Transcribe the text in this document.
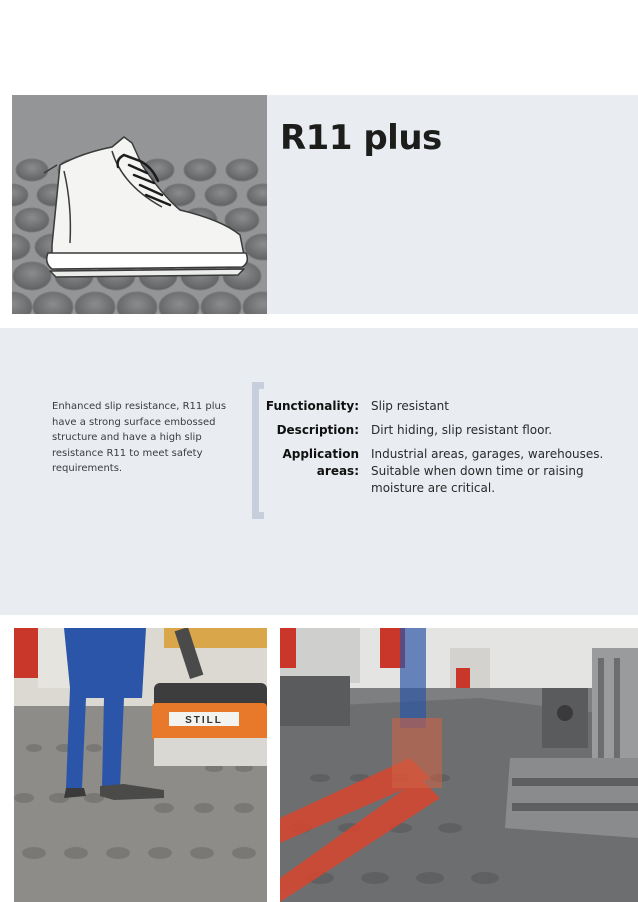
R11 plus

Enhanced slip resistance, R11 plus have a strong surface embossed structure and have a high slip resistance R11 to meet safety requirements.

Functionality: Slip resistant
Description: Dirt hiding, slip resistant floor.
Application areas:
Industrial areas, garages, warehouses. Suitable when down time or raising moisture are critical.
STILL
